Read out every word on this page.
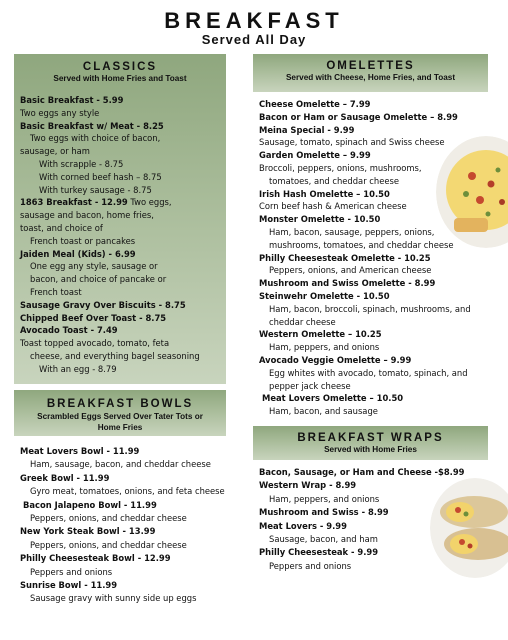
BREAKFAST
Served All Day
CLASSICS
Served with Home Fries and Toast
Basic Breakfast - 5.99
Two eggs any style
Basic Breakfast w/ Meat - 8.25
Two eggs with choice of bacon,
sausage, or ham
With scrapple - 8.75
With corned beef hash – 8.75
With turkey sausage - 8.75
1863 Breakfast - 12.99 Two eggs,
sausage and bacon, home fries,
toast, and choice of
French toast or pancakes
Jaiden Meal (Kids) - 6.99
One egg any style, sausage or
bacon, and choice of pancake or
French toast
Sausage Gravy Over Biscuits - 8.75
Chipped Beef Over Toast - 8.75
Avocado Toast - 7.49
Toast topped avocado, tomato, feta
cheese, and everything bagel seasoning
With an egg - 8.79
BREAKFAST BOWLS
Scrambled Eggs Served Over Tater Tots or Home Fries
Meat Lovers Bowl - 11.99
Ham, sausage, bacon, and cheddar cheese
Greek Bowl - 11.99
Gyro meat, tomatoes, onions, and feta cheese
Bacon Jalapeno Bowl - 11.99
Peppers, onions, and cheddar cheese
New York Steak Bowl - 13.99
Peppers, onions, and cheddar cheese
Philly Cheesesteak Bowl - 12.99
Peppers and onions
Sunrise Bowl - 11.99
Sausage gravy with sunny side up eggs
OMELETTES
Served with Cheese, Home Fries, and Toast
Cheese Omelette – 7.99
Bacon or Ham or Sausage Omelette – 8.99
Meina Special - 9.99
Sausage, tomato, spinach and Swiss cheese
Garden Omelette – 9.99
Broccoli, peppers, onions, mushrooms,
tomatoes, and cheddar cheese
Irish Hash Omelette – 10.50
Corn beef hash & American cheese
Monster Omelette - 10.50
Ham, bacon, sausage, peppers, onions,
mushrooms, tomatoes, and cheddar cheese
Philly Cheesesteak Omelette - 10.25
Peppers, onions, and American cheese
Mushroom and Swiss Omelette - 8.99
Steinwehr Omelette - 10.50
Ham, bacon, broccoli, spinach, mushrooms, and
cheddar cheese
Western Omelette – 10.25
Ham, peppers, and onions
Avocado Veggie Omelette – 9.99
Egg whites with avocado, tomato, spinach, and
pepper jack cheese
Meat Lovers Omelette – 10.50
Ham, bacon, and sausage
BREAKFAST WRAPS
Served with Home Fries
Bacon, Sausage, or Ham and Cheese -$8.99
Western Wrap - 8.99
Ham, peppers, and onions
Mushroom and Swiss - 8.99
Meat Lovers - 9.99
Sausage, bacon, and ham
Philly Cheesesteak - 9.99
Peppers and onions
